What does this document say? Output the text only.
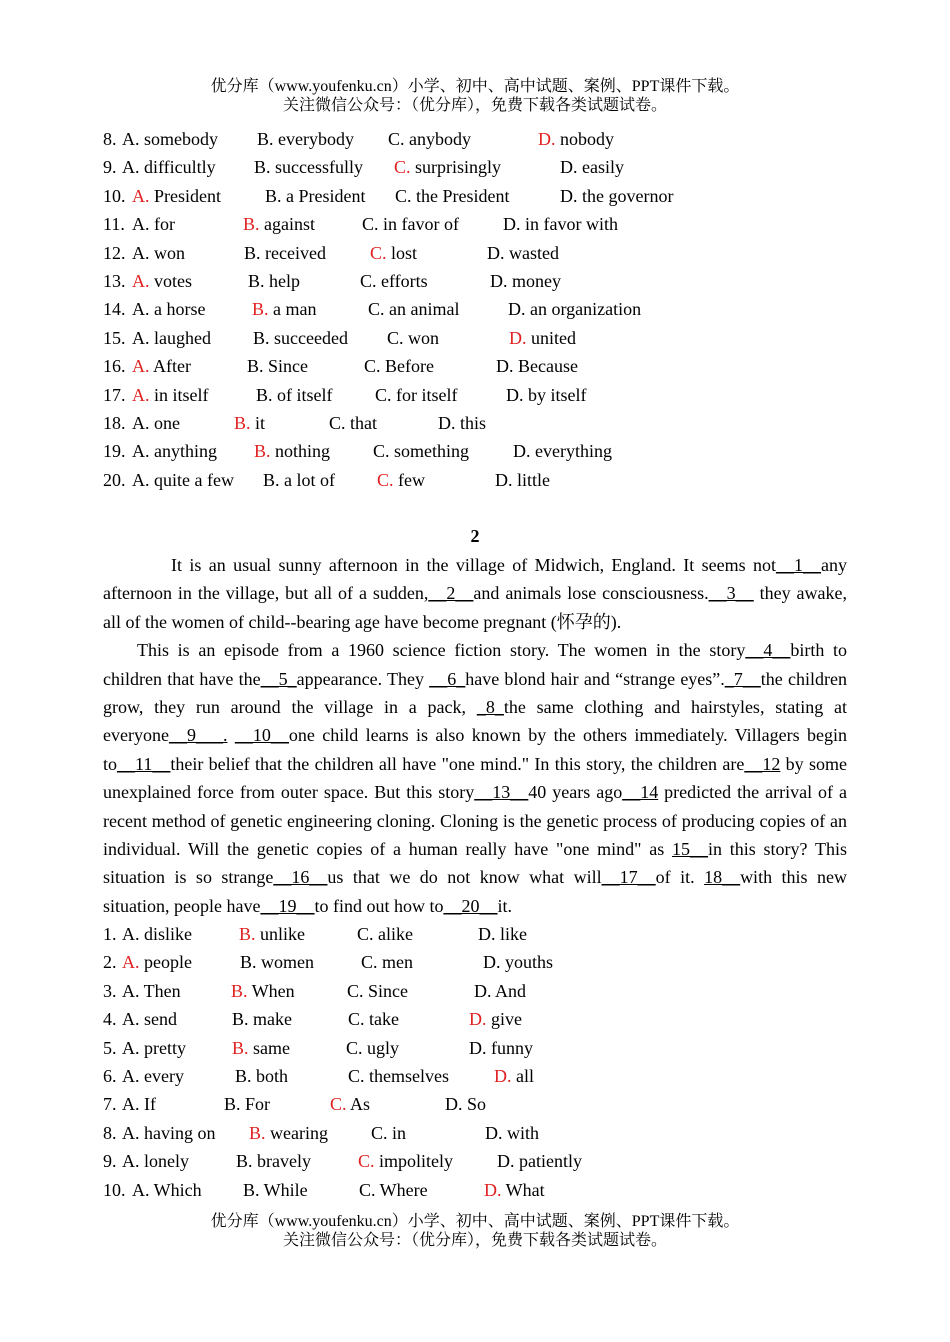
优分库（www.youfenku.cn）小学、初中、高中试题、案例、PPT课件下载。
关注微信公众号：（优分库），免费下载各类试题试卷。
8. A. somebody B. everybody C. anybody	D. nobody
9. A. difficultly B. successfully C. surprisingly	D. easily
10. A. President B. a President C. the President	D. the governor
11. A. for	B. against	C. in favor of D. in favor with
12. A. won	B. received C. lost	D. wasted
13. A. votes	B. help	C. efforts	D. money
14. A. a horse	B. a man	C. an animal	D. an organization
15. A. laughed B. succeeded C. won	D. united
16. A. After	B. Since	C. Before	D. Because
17. A. in itself	B. of itself C. for itself	D. by itself
18. A. one	B. it	C. that	D. this
19. A. anything B. nothing C. something D. everything
20. A. quite a few B. a lot of C. few	D. little
2

It is an usual sunny afternoon in the village of Midwich, England. It seems not__1__any afternoon in the village, but all of a sudden,__2__and animals lose consciousness.__3__ they awake, all of the women of child--bearing age have become pregnant (怀孕的).

This is an episode from a 1960 science fiction story. The women in the story__4__birth to children that have the__5_appearance. They __6_have blond hair and “strange eyes”._7__the children grow, they run around the village in a pack, _8_the same clothing and hairstyles, stating at everyone__9___. __10__one child learns is also known by the others immediately. Villagers begin to__11__their belief that the children all have "one mind." In this story, the children are__12 by some unexplained force from outer space. But this story__13__40 years ago__14 predicted the arrival of a recent method of genetic engineering cloning. Cloning is the genetic process of producing copies of an individual. Will the genetic copies of a human really have "one mind" as 15__in this story? This situation is so strange__16__us that we do not know what will__17__of it. 18__with this new situation, people have__19__to find out how to__20__it.

1. A. dislike	B. unlike	C. alike	D. like
2. A. people	B. women	C. men	D. youths
3. A. Then	B. When	C. Since	D. And
4. A. send	B. make	C. take	D. give
5. A. pretty	B. same	C. ugly	D. funny
6. A. every	B. both	C. themselves	D. all
7. A. If	B. For	C. As	D. So
8. A. having on B. wearing C. in	D. with
9. A. lonely	B. bravely	C. impolitely D. patiently
10. A. Which B. While	C. Where	D. What
优分库（www.youfenku.cn）小学、初中、高中试题、案例、PPT课件下载。
关注微信公众号：（优分库），免费下载各类试题试卷。
